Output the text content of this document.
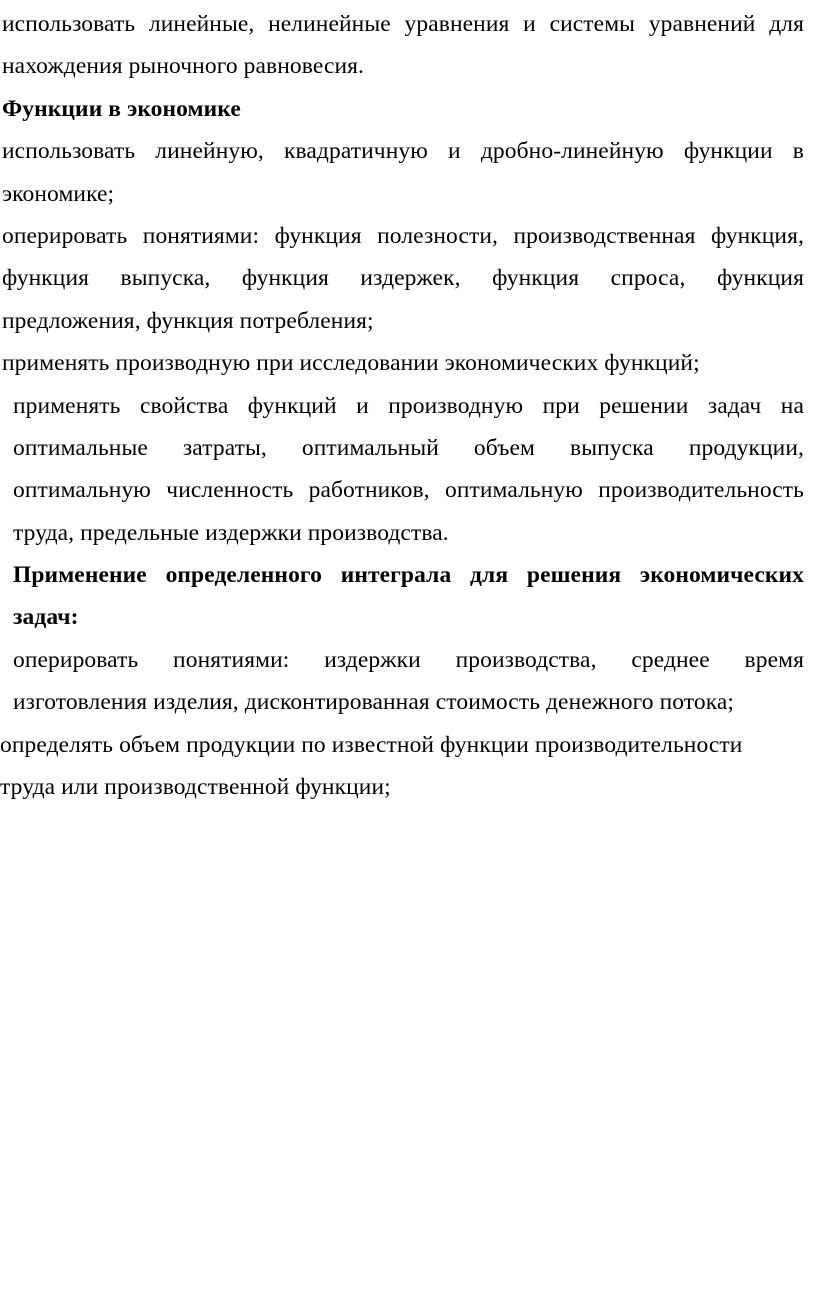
использовать линейные, нелинейные уравнения и системы уравнений для
нахождения рыночного равновесия.
Функции в экономике
использовать линейную, квадратичную и дробно-линейную функции в
экономике;
оперировать понятиями: функция полезности, производственная функция,
функция выпуска, функция издержек, функция спроса, функция
предложения, функция потребления;
применять производную при исследовании экономических функций;
применять свойства функций и производную при решении задач на
оптимальные затраты, оптимальный объем выпуска продукции,
оптимальную численность работников, оптимальную производительность
труда, предельные издержки производства.
Применение определенного интеграла для решения экономических
задач:
оперировать понятиями: издержки производства, среднее время
изготовления изделия, дисконтированная стоимость денежного потока;
определять объем продукции по известной функции производительности
труда или производственной функции;
